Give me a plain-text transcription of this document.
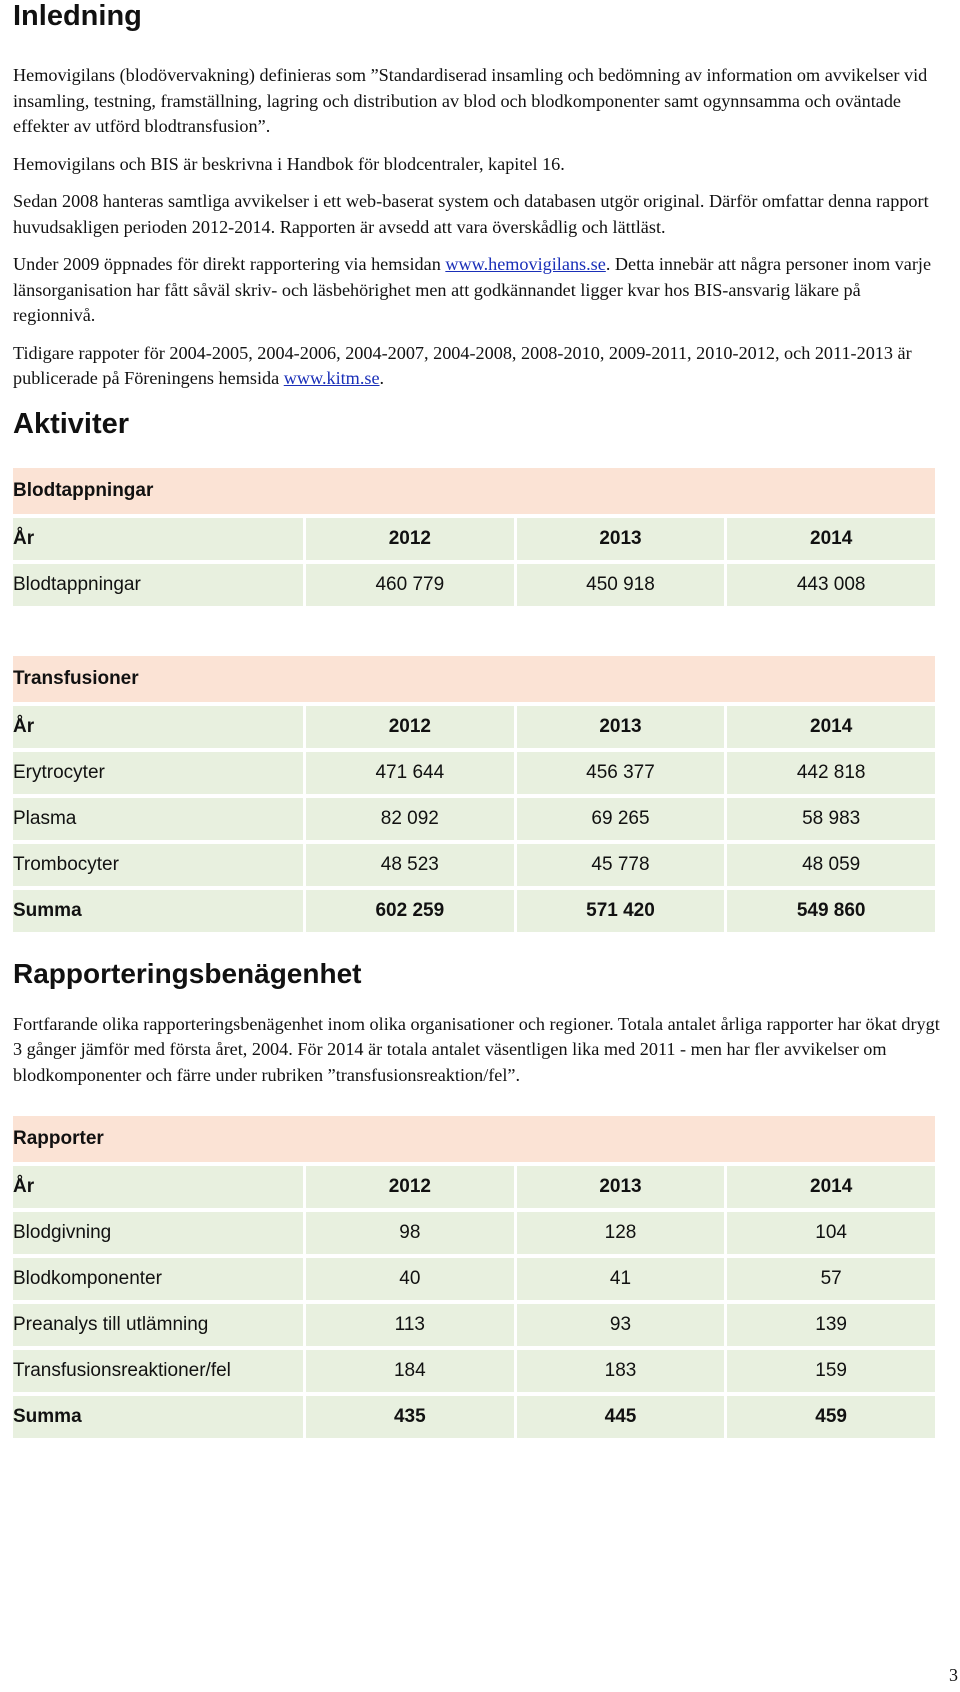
Inledning

Hemovigilans (blodövervakning) definieras som ”Standardiserad insamling och bedömning av information om avvikelser vid insamling, testning, framställning, lagring och distribution av blod och blodkomponenter samt ogynnsamma och oväntade effekter av utförd blodtransfusion”.

Hemovigilans och BIS är beskrivna i Handbok för blodcentraler, kapitel 16.

Sedan 2008 hanteras samtliga avvikelser i ett web-baserat system och databasen utgör original. Därför omfattar denna rapport huvudsakligen perioden 2012-2014. Rapporten är avsedd att vara överskådlig och lättläst.

Under 2009 öppnades för direkt rapportering via hemsidan www.hemovigilans.se. Detta innebär att några personer inom varje länsorganisation har fått såväl skriv- och läsbehörighet men att godkännandet ligger kvar hos BIS-ansvarig läkare på regionnivå.

Tidigare rappoter för 2004-2005, 2004-2006, 2004-2007, 2004-2008, 2008-2010, 2009-2011, 2010-2012, och 2011-2013 är publicerade på Föreningens hemsida www.kitm.se.

Aktiviter
Blodtappningar			
År	2012	2013	2014
Blodtappningar	460 779	450 918	443 008
Transfusioner			
År	2012	2013	2014
Erytrocyter	471 644	456 377	442 818
Plasma	82 092	69 265	58 983
Trombocyter	48 523	45 778	48 059
Summa	602 259	571 420	549 860
Rapporteringsbenägenhet

Fortfarande olika rapporteringsbenägenhet inom olika organisationer och regioner. Totala antalet årliga rapporter har ökat drygt 3 gånger jämför med första året, 2004. För 2014 är totala antalet väsentligen lika med 2011 - men har fler avvikelser om blodkomponenter och färre under rubriken ”transfusionsreaktion/fel”.

Rapporter			
År	2012	2013	2014
Blodgivning	98	128	104
Blodkomponenter	40	41	57
Preanalys till utlämning	113	93	139
Transfusionsreaktioner/fel	184	183	159
Summa	435	445	459
3
